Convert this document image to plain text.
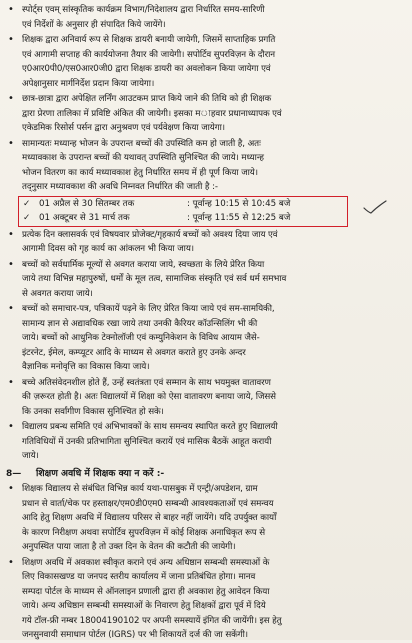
• स्पोर्ट्स एवम् सांस्कृतिक कार्यक्रम विभाग/निदेशालय द्वारा निर्धारित समय-सारिणी
एवं निर्देशों के अनुसार ही संपादित किये जायेंगे।
• शिक्षक द्वारा अनिवार्य रूप से शिक्षक डायरी बनायी जायेगी, जिसमें साप्ताहिक प्रगति
एवं आगामी सप्ताह की कार्ययोजना तैयार की जायेगी। सपोर्टिव सुपरविज़न के दौरान
ए0आर0पी0/एस0आर0जी0 द्वारा शिक्षक डायरी का अवलोकन किया जायेगा एवं
अपेक्षानुसार मार्गनिर्देश प्रदान किया जायेगा।
• छात्र-छात्रा द्वारा अपेक्षित लर्निंग आउटकम प्राप्त किये जाने की तिथि को ही शिक्षक
द्वारा प्रेरणा तालिका में प्रविष्टि अंकित की जायेगी। इसका मাहवार प्रधानाध्यापक एवं
एकेडमिक रिसोर्स पर्सन द्वारा अनुश्रवण एवं पर्यवेक्षण किया जायेगा।
• सामान्यतः मध्यान्ह भोजन के उपरान्त बच्चों की उपस्थिति कम हो जाती है, अतः
मध्यावकाश के उपरान्त बच्चों की यथावत् उपस्थिति सुनिश्चित की जाये। मध्यान्ह
भोजन वितरण का कार्य मध्यावकाश हेतु निर्धारित समय में ही पूर्ण किया जाये।
तद्नुसार मध्यावकाश की अवधि निम्नवत निर्धारित की जाती है :-
✓	01 अप्रैल से 30 सितम्बर तक	: पूर्वान्ह 10:15 से 10:45 बजे
✓	01 अक्टूबर से 31 मार्च तक	: पूर्वान्ह 11:55 से 12:25 बजे
• प्रत्येक दिन क्लासवर्क एवं विषयवार प्रोजेक्ट/गृहकार्य बच्चों को अवश्य दिया जाय एवं
आगामी दिवस को गृह कार्य का आंकलन भी किया जाय।
• बच्चों को सर्वधार्मिक मूल्यों से अवगत कराया जाये, स्वच्छता के लिये प्रेरित किया
जाये तथा विभिन्न महापुरुषों, धर्मों के मूल तत्व, सामाजिक संस्कृति एवं सर्व धर्म समभाव
से अवगत कराया जाये।
• बच्चों को समाचार-पत्र, पत्रिकायें पढ़ने के लिए प्रेरित किया जाये एवं सम-सामयिकी,
सामान्य ज्ञान से अद्यावधिक रखा जाये तथा उनकी कैरियर कॉउन्सिलिंग भी की
जाये। बच्चों को आधुनिक टेक्नोलॉजी एवं कम्युनिकेशन के विविध आयाम जैसे-
इंटरनेट, ईमेल, कम्प्यूटर आदि के माध्यम से अवगत कराते हुए उनके अन्दर
वैज्ञानिक मनोवृत्ति का विकास किया जाये।
• बच्चे अतिसंवेदनशील होते हैं, उन्हें स्वतंत्रता एवं सम्मान के साथ भयमुक्त वातावरण
की ज़रूरत होती है। अतः विद्यालयों में शिक्षा को ऐसा वातावरण बनाया जाये, जिससे
कि उनका सर्वांगीण विकास सुनिश्चित हो सके।
• विद्यालय प्रबन्ध समिति एवं अभिभावकों के साथ समन्वय स्थापित करते हुए विद्यालयी
गतिविधियों में उनकी प्रतिभागिता सुनिश्चित करायें एवं मासिक बैठकें आहूत करायी
जाये।
8—	शिक्षण अवधि में शिक्षक क्या न करें :-
• शिक्षक विद्यालय से संबंधित विभिन्न कार्य यथा-पासबुक में एन्ट्री/अपडेशन, ग्राम
प्रधान से वार्ता/चेक पर हस्ताक्षर/एम0डी0एम0 सम्बन्धी आवश्यकताओं एवं समन्वय
आदि हेतु शिक्षण अवधि में विद्यालय परिसर से बाहर नहीं जायेंगे। यदि उपर्युक्त कार्यों
के कारण निरीक्षण अथवा सपोर्टिव सुपरविज़न में कोई शिक्षक अनाधिकृत रूप से
अनुपस्थित पाया जाता है तो उक्त दिन के वेतन की कटौती की जायेगी।
• शिक्षण अवधि में अवकाश स्वीकृत कराने एवं अन्य अधिष्ठान सम्बन्धी समस्याओं के
लिए विकासखण्ड या जनपद स्तरीय कार्यालय में जाना प्रतिबंधित होगा। मानव
सम्पदा पोर्टल के माध्यम से ऑनलाइन प्रणाली द्वारा ही अवकाश हेतु आवेदन किया
जाये। अन्य अधिष्ठान सम्बन्धी समस्याओं के निवारण हेतु शिक्षकों द्वारा पूर्व में दिये
गये टॉल-फ्री नम्बर 18004190102 पर अपनी समस्यायें इंगित की जायेंगी। इस हेतु
जनसुनवायी समाधान पोर्टल (IGRS) पर भी शिकायतें दर्ज की जा सकेंगी।
